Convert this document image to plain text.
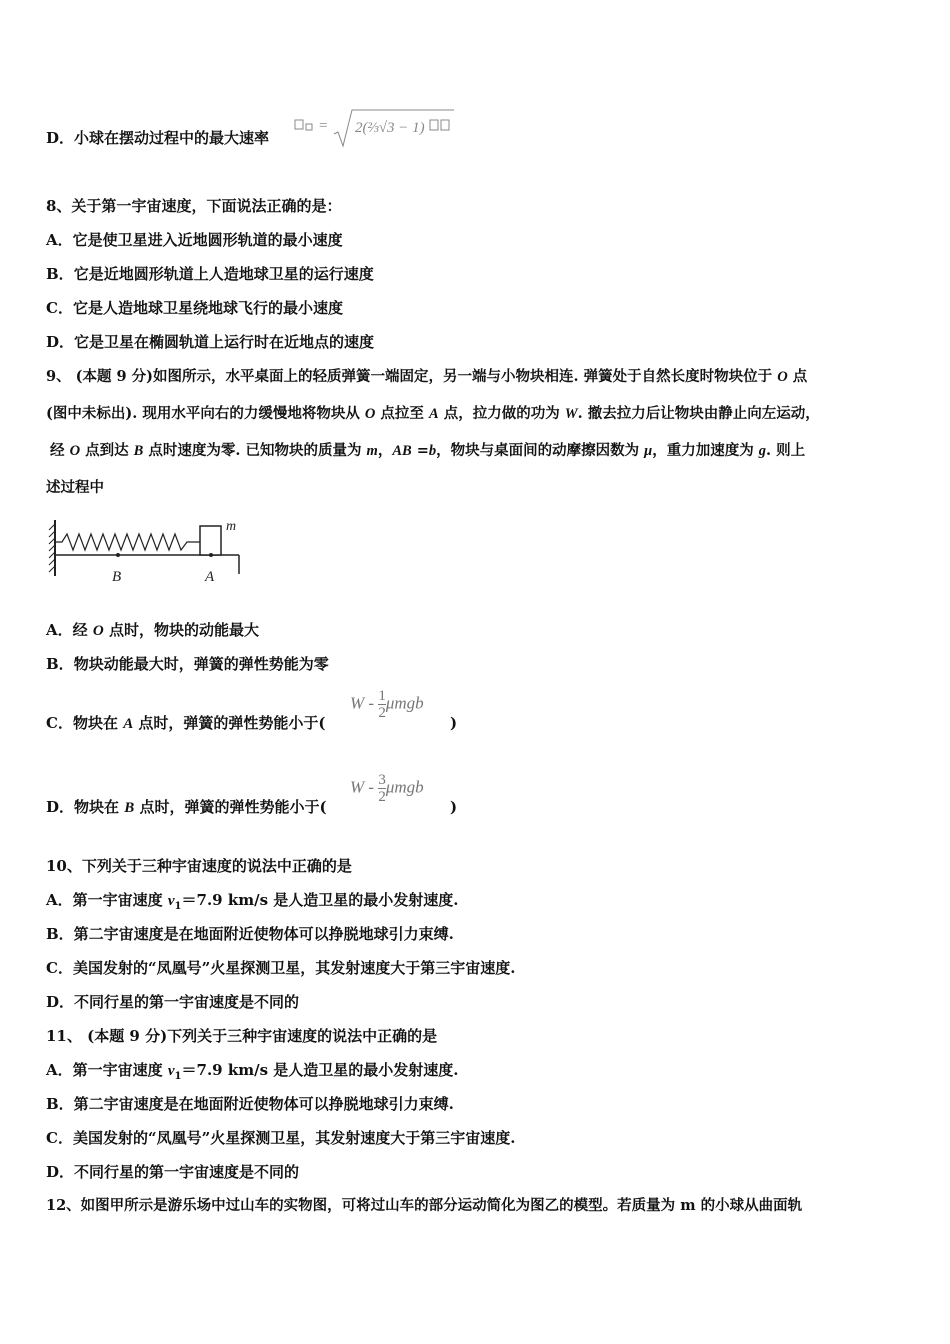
D．小球在摆动过程中的最大速率
= 2(⅔√3 − 1)
8、关于第一宇宙速度，下面说法正确的是：
A．它是使卫星进入近地圆形轨道的最小速度
B．它是近地圆形轨道上人造地球卫星的运行速度
C．它是人造地球卫星绕地球飞行的最小速度
D．它是卫星在椭圆轨道上运行时在近地点的速度
9、 (本题 9 分)如图所示，水平桌面上的轻质弹簧一端固定，另一端与小物块相连. 弹簧处于自然长度时物块位于 O 点
(图中未标出). 现用水平向右的力缓慢地将物块从 O 点拉至 A 点，拉力做的功为 W. 撤去拉力后让物块由静止向左运动，
经 O 点到达 B 点时速度为零. 已知物块的质量为 m，AB =b，物块与桌面间的动摩擦因数为 μ，重力加速度为 g. 则上
述过程中
m
B	A
A．经 O 点时，物块的动能最大
B．物块动能最大时，弹簧的弹性势能为零
C．物块在 A 点时，弹簧的弹性势能小于(
W - $\frac{1}{2}$ μmgb
)
D．物块在 B 点时，弹簧的弹性势能小于(
W - $\frac{3}{2}$ μmgb
)
10、下列关于三种宇宙速度的说法中正确的是
A．第一宇宙速度 $v_1=7.9$ km/s 是人造卫星的最小发射速度.
B．第二宇宙速度是在地面附近使物体可以挣脱地球引力束缚.
C．美国发射的“凤凰号”火星探测卫星，其发射速度大于第三宇宙速度.
D．不同行星的第一宇宙速度是不同的
11、 (本题 9 分)下列关于三种宇宙速度的说法中正确的是
A．第一宇宙速度 $v_1=7.9$ km/s 是人造卫星的最小发射速度.
B．第二宇宙速度是在地面附近使物体可以挣脱地球引力束缚.
C．美国发射的“凤凰号”火星探测卫星，其发射速度大于第三宇宙速度.
D．不同行星的第一宇宙速度是不同的
12、如图甲所示是游乐场中过山车的实物图，可将过山车的部分运动简化为图乙的模型。若质量为 m 的小球从曲面轨
